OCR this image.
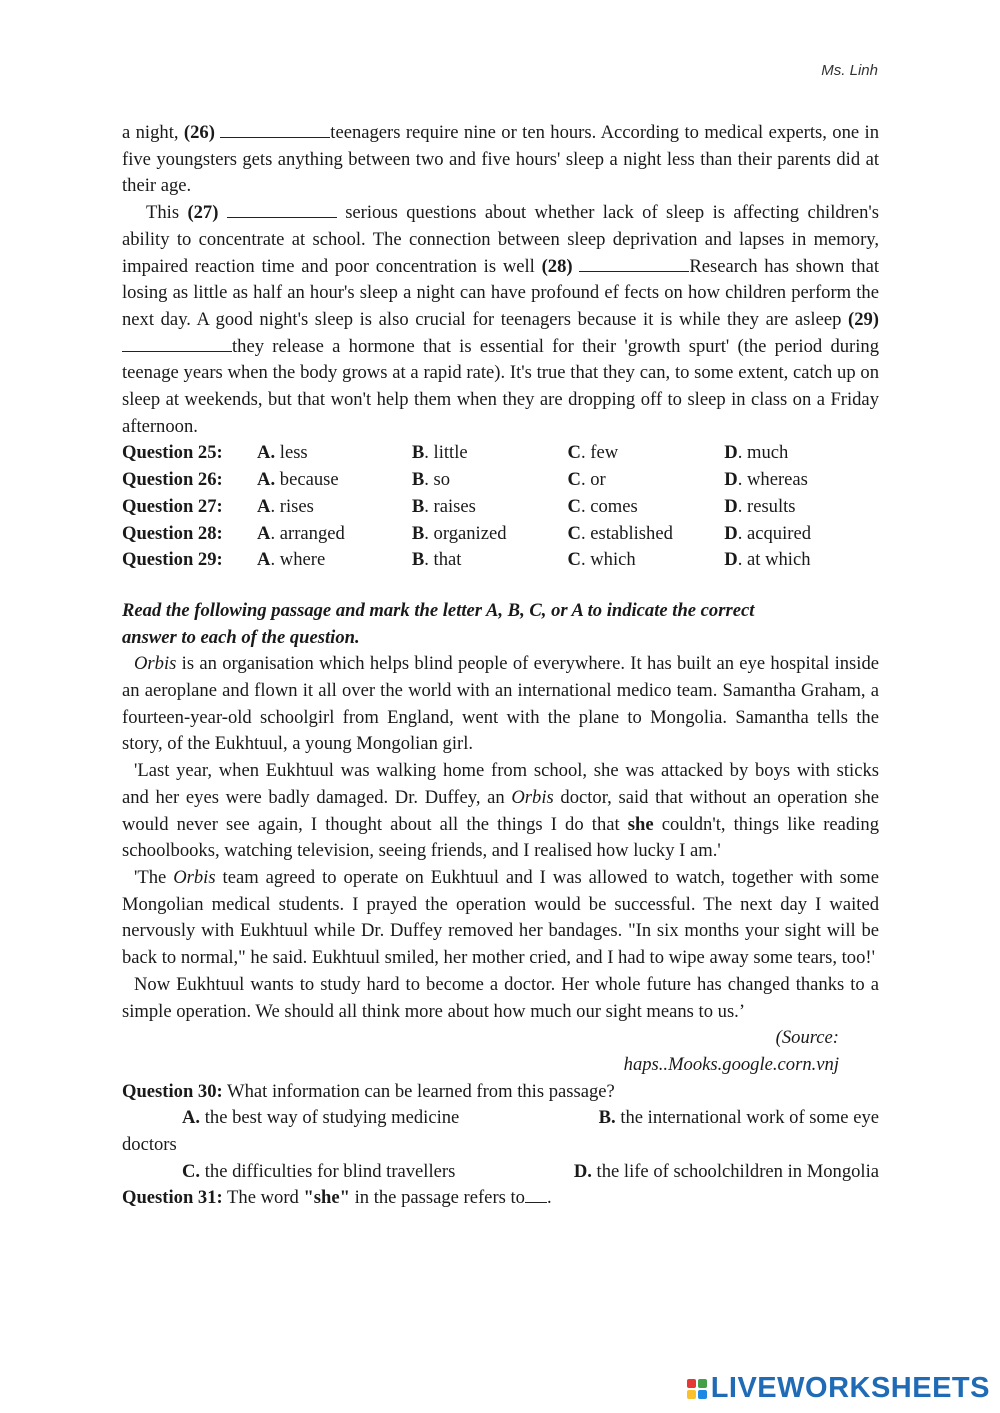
Ms. Linh

a night, (26)	teenagers require nine or ten hours. According to medical experts, one in five youngsters gets anything between two and five hours' sleep a night less than their parents did at their age.

This (27)	serious questions about whether lack of sleep is affecting children's ability to concentrate at school. The connection between sleep deprivation and lapses in memory, impaired reaction time and poor concentration is well (28)	Research has shown that losing as little as half an hour's sleep a night can have profound ef fects on how children perform the next day. A good night's sleep is also crucial for teenagers because it is while they are asleep (29)they release a hormone that is essential for their 'growth spurt' (the period during teenage years when the body grows at a rapid rate). It's true that they can, to some extent, catch up on sleep at weekends, but that won't help them when they are dropping off to sleep in class on a Friday afternoon.

Question 25:	A. less	B. little	C. few	D. much
Question 26:	A. because	B. so	C. or	D. whereas
Question 27:	A. rises	B. raises	C. comes	D. results
Question 28:	A. arranged	B. organized	C. established	D. acquired
Question 29:	A. where	B. that	C. which	D. at which

Read the following passage and mark the letter A, B, C, or A to indicate the correct
answer to each of the question.

Orbis is an organisation which helps blind people of everywhere. It has built an eye hospital inside an aeroplane and flown it all over the world with an international medico team. Samantha Graham, a fourteen-year-old schoolgirl from England, went with the plane to Mongolia. Samantha tells the story, of the Eukhtuul, a young Mongolian girl.

'Last year, when Eukhtuul was walking home from school, she was attacked by boys with sticks and her eyes were badly damaged. Dr. Duffey, an Orbis doctor, said that without an operation she would never see again, I thought about all the things I do that she couldn't, things like reading schoolbooks, watching television, seeing friends, and I realised how lucky I am.'

'The Orbis team agreed to operate on Eukhtuul and I was allowed to watch, together with some Mongolian medical students. I prayed the operation would be successful. The next day I waited nervously with Eukhtuul while Dr. Duffey removed her bandages. "In six months your sight will be back to normal," he said. Eukhtuul smiled, her mother cried, and I had to wipe away some tears, too!'

Now Eukhtuul wants to study hard to become a doctor. Her whole future has changed thanks to a simple operation. We should all think more about how much our sight means to us.’

(Source:
haps..Mooks.google.corn.vnj

Question 30: What information can be learned from this passage?

A. the best way of studying medicine	B. the international work of some eye

doctors

C. the difficulties for blind travellers	D. the life of schoolchildren in Mongolia

Question 31: The word "she" in the passage refers to .

LIVEWORKSHEETS
